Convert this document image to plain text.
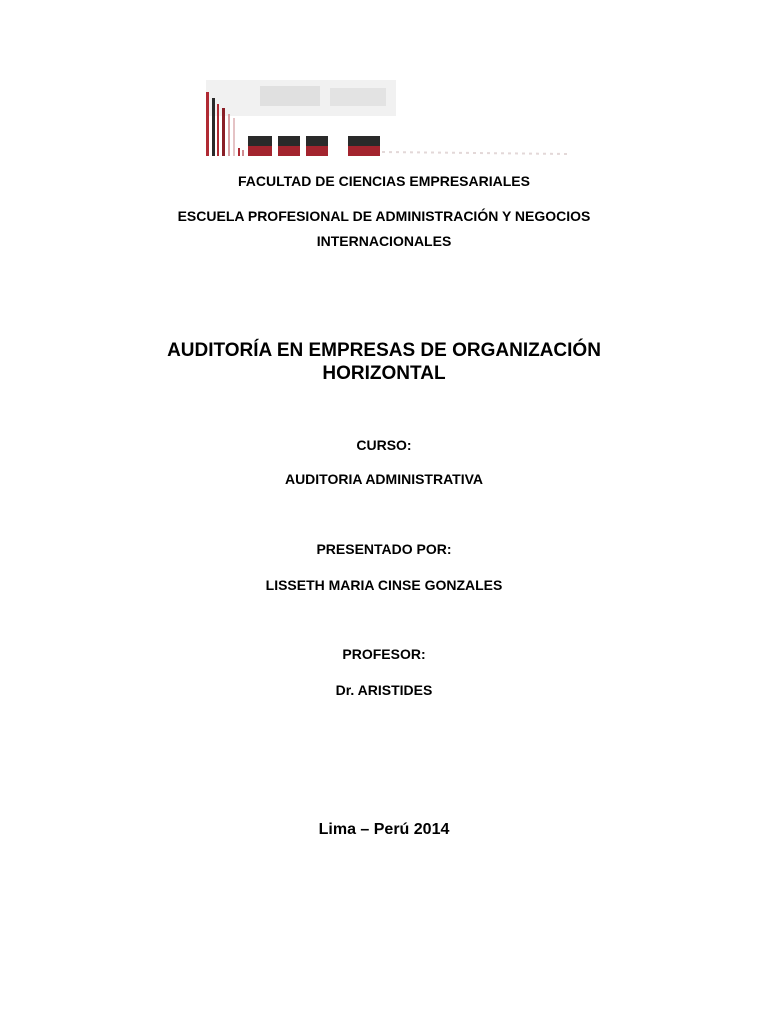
FACULTAD DE CIENCIAS EMPRESARIALES
ESCUELA PROFESIONAL DE ADMINISTRACIÓN Y NEGOCIOS
INTERNACIONALES
AUDITORÍA EN EMPRESAS DE ORGANIZACIÓN
HORIZONTAL
CURSO:
AUDITORIA ADMINISTRATIVA
PRESENTADO POR:
LISSETH MARIA CINSE GONZALES
PROFESOR:
Dr. ARISTIDES
Lima – Perú 2014
